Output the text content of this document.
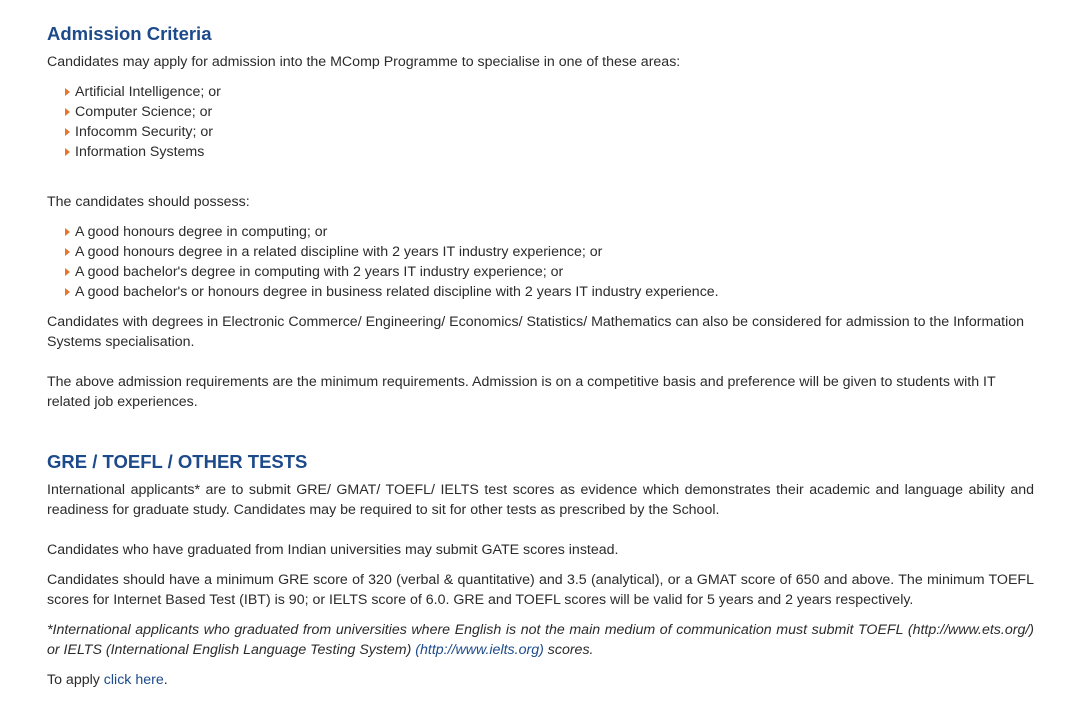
Admission Criteria

Candidates may apply for admission into the MComp Programme to specialise in one of these areas:

Artificial Intelligence; or
Computer Science; or
Infocomm Security; or
Information Systems

The candidates should possess:

A good honours degree in computing; or
A good honours degree in a related discipline with 2 years IT industry experience; or
A good bachelor's degree in computing with 2 years IT industry experience; or
A good bachelor's or honours degree in business related discipline with 2 years IT industry experience.

Candidates with degrees in Electronic Commerce/ Engineering/ Economics/ Statistics/ Mathematics can also be considered for admission to the Information Systems specialisation.

The above admission requirements are the minimum requirements. Admission is on a competitive basis and preference will be given to students with IT related job experiences.

GRE / TOEFL / OTHER TESTS

International applicants* are to submit GRE/ GMAT/ TOEFL/ IELTS test scores as evidence which demonstrates their academic and language ability and readiness for graduate study. Candidates may be required to sit for other tests as prescribed by the School.

Candidates who have graduated from Indian universities may submit GATE scores instead.

Candidates should have a minimum GRE score of 320 (verbal & quantitative) and 3.5 (analytical), or a GMAT score of 650 and above. The minimum TOEFL scores for Internet Based Test (IBT) is 90; or IELTS score of 6.0. GRE and TOEFL scores will be valid for 5 years and 2 years respectively.

*International applicants who graduated from universities where English is not the main medium of communication must submit TOEFL (http://www.ets.org/) or IELTS (International English Language Testing System) (http://www.ielts.org) scores.

To apply click here.
